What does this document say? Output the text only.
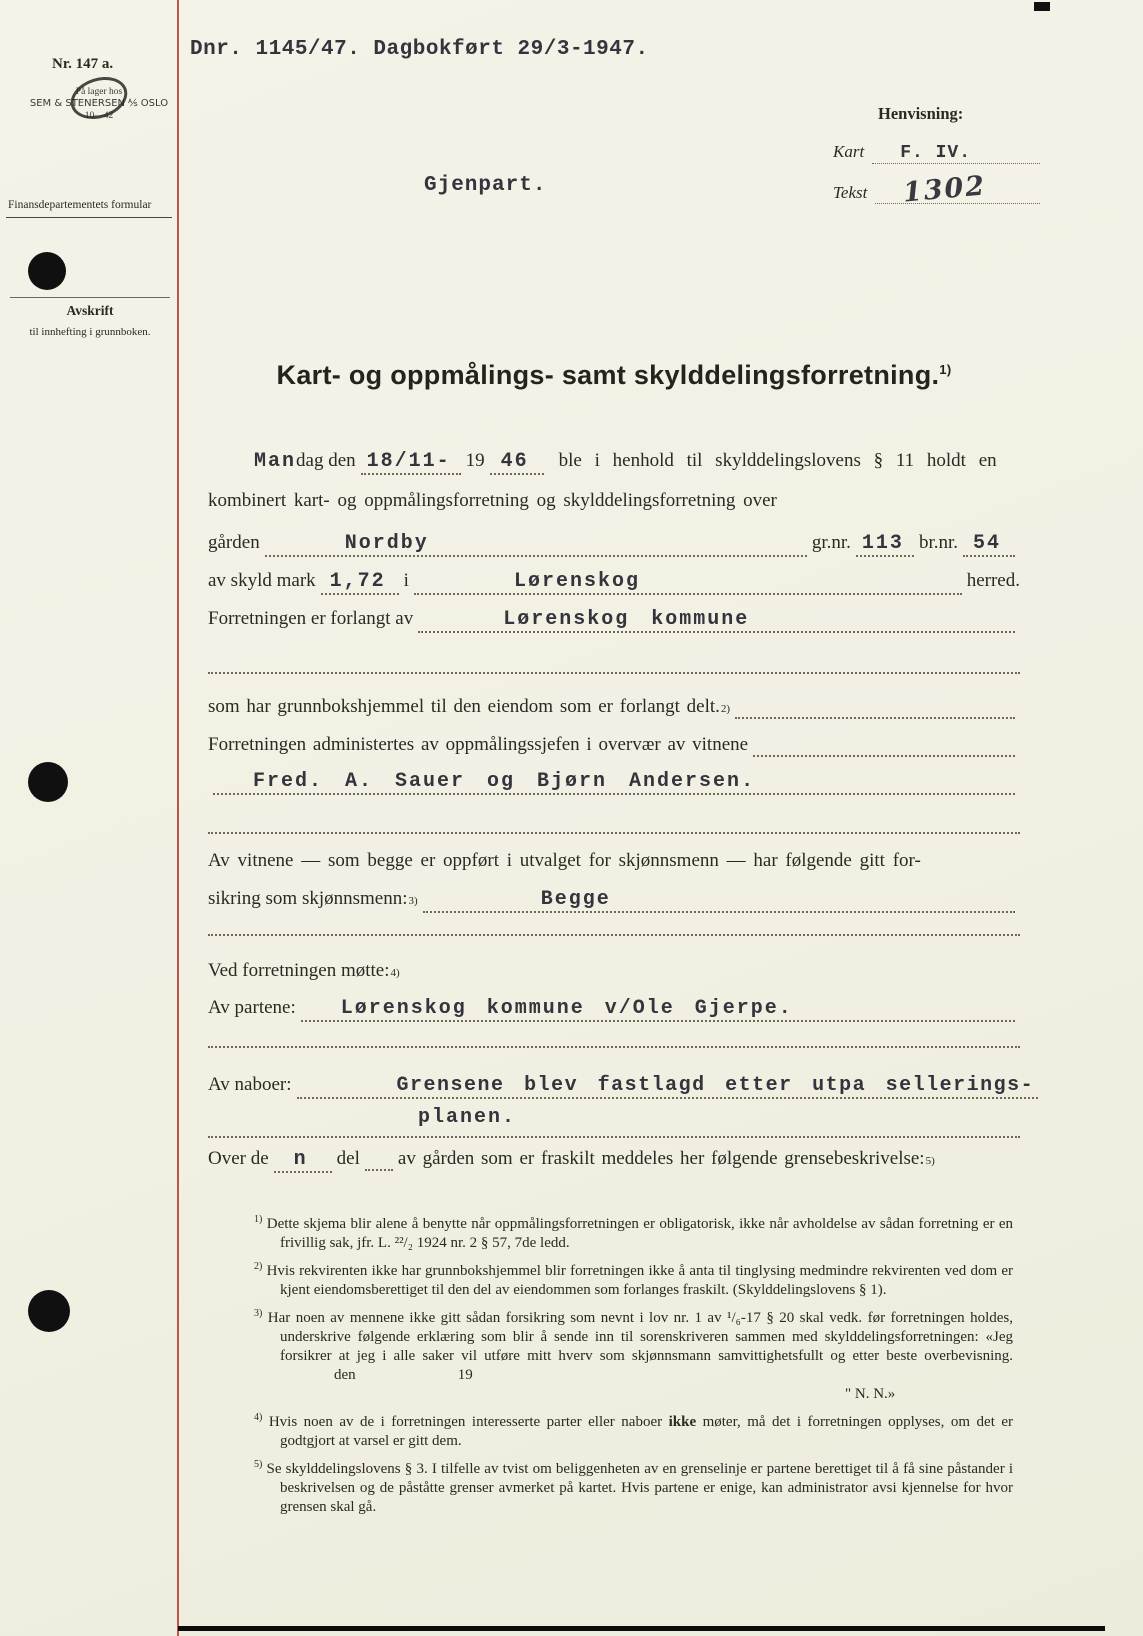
Nr. 147 a.
På lager hos
SEM & STENERSEN ⅍ OSLO
10—42
Finansdepartementets formular
Avskrift
til innhefting i grunnboken.
Dnr. 1145/47. Dagbokført 29/3-1947.
Henvisning:
Kart	F. IV.
Tekst	1302
Gjenpart.
Kart- og oppmålings- samt skylddelingsforretning.$^{1)}$
Man dag den 18/11- 19 46	ble i henhold til skylddelingslovens § 11 holdt en
kombinert kart- og oppmålingsforretning og skylddelingsforretning over
gården	Nordby	gr.nr. 113 br.nr. 54
av skyld mark 1,72 i	Lørenskog	herred.
Forretningen er forlangt av	Lørenskog kommune
som har grunnbokshjemmel til den eiendom som er forlangt delt. 2)
Forretningen administertes av oppmålingssjefen i overvær av vitnene
Fred. A. Sauer og Bjørn Andersen.
Av vitnene — som begge er oppført i utvalget for skjønnsmenn — har følgende gitt for-
sikring som skjønnsmenn: 3)	Begge
Ved forretningen møtte: 4)
Av partene:	Lørenskog kommune v/Ole Gjerpe.
Av naboer:	Grensene blev fastlagd etter utpa sellerings-
planen.
Over de	n	del av gården som er fraskilt meddeles her følgende grensebeskrivelse: 5)
$^{1)}$ Dette skjema blir alene å benytte når oppmålingsforretningen er obligatorisk, ikke når avholdelse av sådan forretning er en frivillig sak, jfr. L. ²²/₂ 1924 nr. 2 § 57, 7de ledd.
$^{2)}$ Hvis rekvirenten ikke har grunnbokshjemmel blir forretningen ikke å anta til tinglysing medmindre rekvirenten ved dom er kjent eiendomsberettiget til den del av eiendommen som forlanges fraskilt. (Skylddelingslovens § 1).
$^{3)}$ Har noen av mennene ikke gitt sådan forsikring som nevnt i lov nr. 1 av ¹/₆-17 § 20 skal vedk. før forretningen holdes, underskrive følgende erklæring som blir å sende inn til sorenskriveren sammen med skylddelingsforretningen: «Jeg forsikrer at jeg i alle saker vil utføre mitt hverv som skjønnsmann samvittighetsfullt og etter beste overbevisning. den	19
" N. N.»
$^{4)}$ Hvis noen av de i forretningen interesserte parter eller naboer ikke møter, må det i forretningen opplyses, om det er godtgjort at varsel er gitt dem.
$^{5)}$ Se skylddelingslovens § 3. I tilfelle av tvist om beliggenheten av en grenselinje er partene berettiget til å få sine påstander i beskrivelsen og de påståtte grenser avmerket på kartet. Hvis partene er enige, kan administrator avsi kjennelse for hvor grensen skal gå.
